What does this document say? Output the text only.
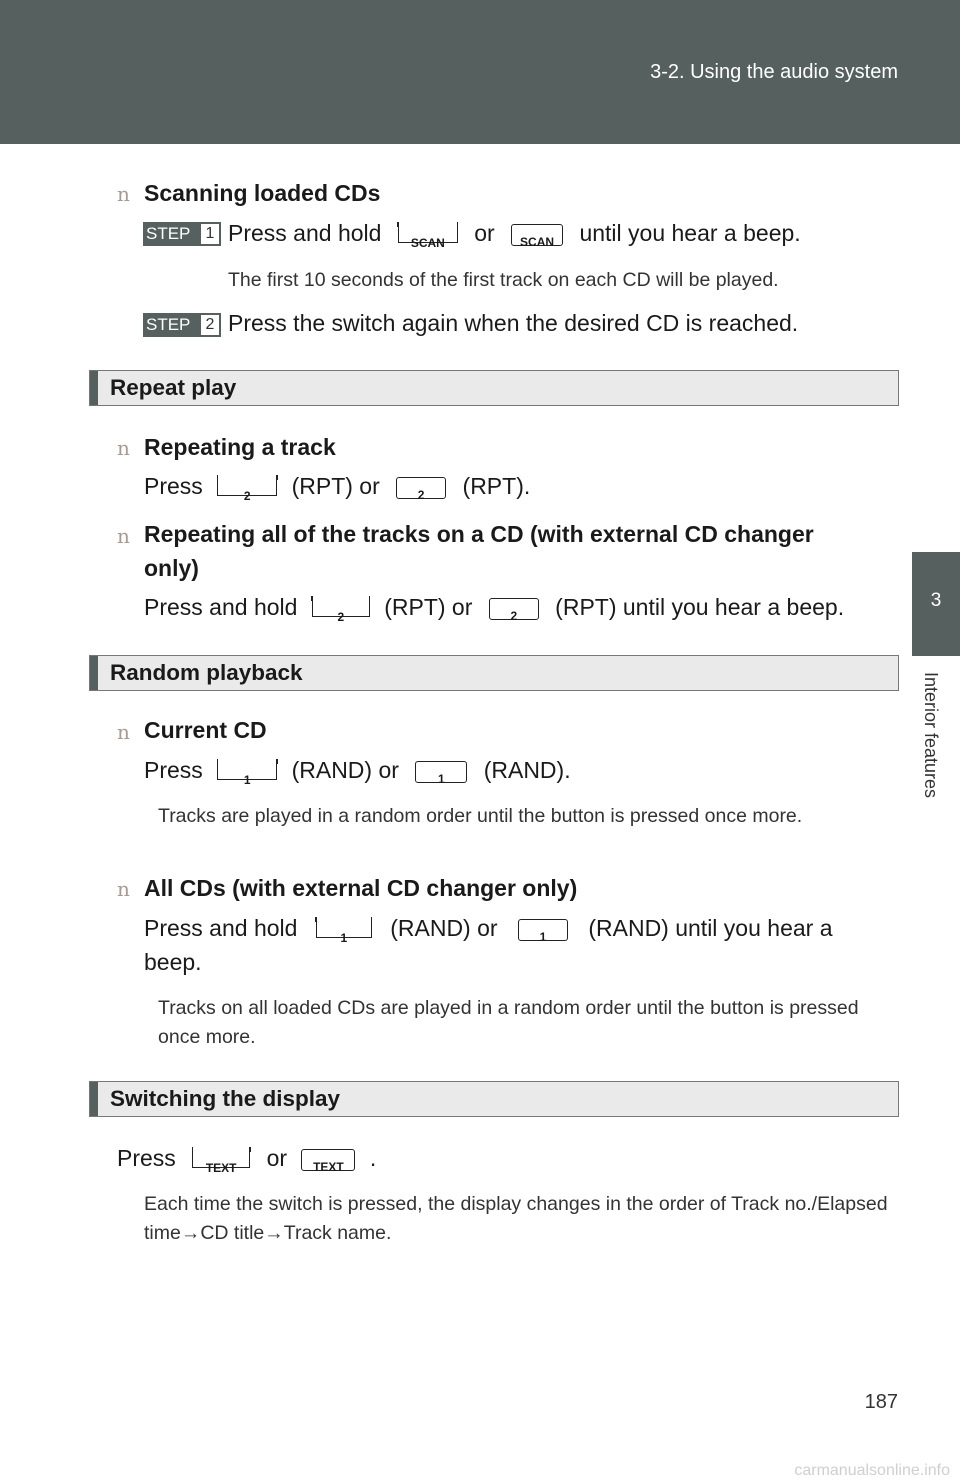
3-2. Using the audio system
3
Interior features
n Scanning loaded CDs
STEP 1 Press and hold SCAN or SCAN until you hear a beep.
The first 10 seconds of the first track on each CD will be played.
STEP 2 Press the switch again when the desired CD is reached.
Repeat play
n Repeating a track
Press	2 (RPT) or	2 (RPT).
n Repeating all of the tracks on a CD (with external CD changer
only)
Press and hold	2 (RPT) or	2 (RPT) until you hear a beep.
Random playback
n Current CD
Press	1 (RAND) or	1 (RAND).
Tracks are played in a random order until the button is pressed once more.
n All CDs (with external CD changer only)
Press and hold	1 (RAND) or	1 (RAND) until you hear a
beep.
Tracks on all loaded CDs are played in a random order until the button is pressed once more.
Switching the display
Press	TEXT or TEXT .
Each time the switch is pressed, the display changes in the order of Track no./Elapsed time→CD title→Track name.
187
carmanualsonline.info
